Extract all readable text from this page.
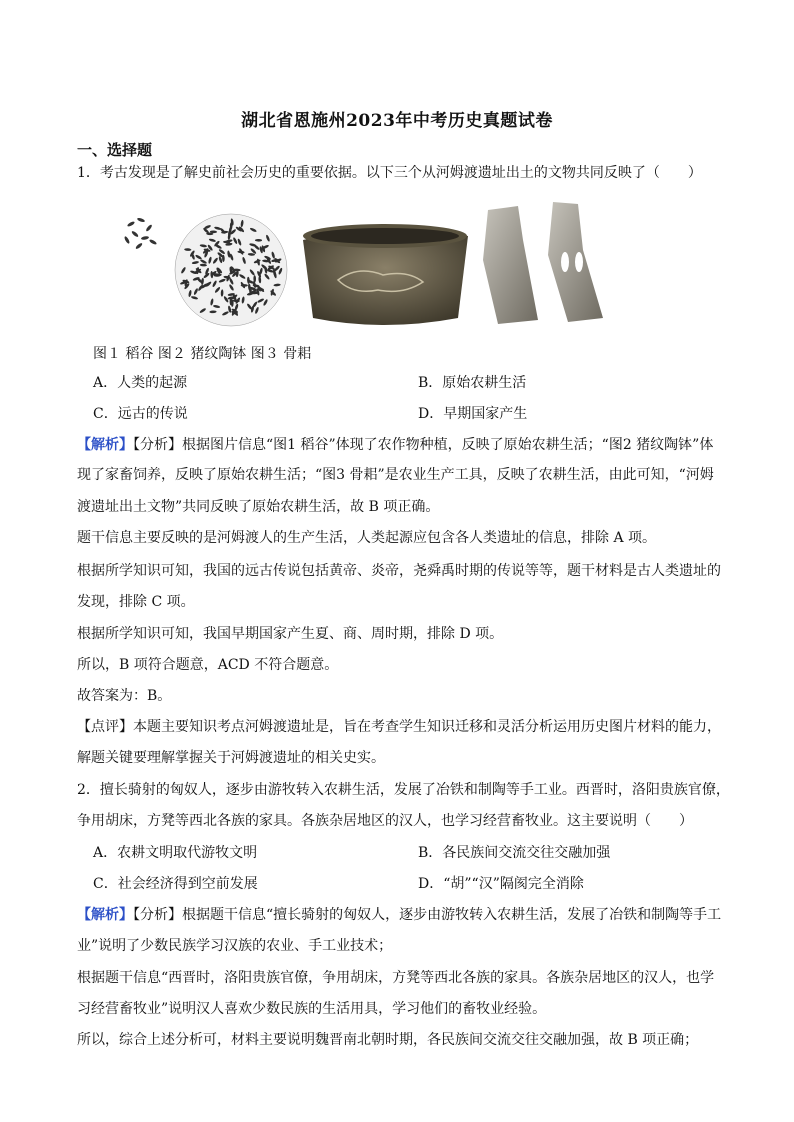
湖北省恩施州2023年中考历史真题试卷
一、选择题
1．考古发现是了解史前社会历史的重要依据。以下三个从河姆渡遗址出土的文物共同反映了（　　）
图１ 稻谷 图２ 猪纹陶钵 图３ 骨耜
A．人类的起源	B．原始农耕生活
C．远古的传说	D．早期国家产生
【解析】【分析】根据图片信息“图1 稻谷”体现了农作物种植，反映了原始农耕生活；“图2 猪纹陶钵”体
现了家畜饲养，反映了原始农耕生活；“图3 骨耜”是农业生产工具，反映了农耕生活，由此可知，“河姆
渡遗址出土文物”共同反映了原始农耕生活，故 B 项正确。
题干信息主要反映的是河姆渡人的生产生活，人类起源应包含各人类遗址的信息，排除 A 项。
根据所学知识可知，我国的远古传说包括黄帝、炎帝，尧舜禹时期的传说等等，题干材料是古人类遗址的
发现，排除 C 项。
根据所学知识可知，我国早期国家产生夏、商、周时期，排除 D 项。
所以，B 项符合题意，ACD 不符合题意。
故答案为：B。
【点评】本题主要知识考点河姆渡遗址是，旨在考查学生知识迁移和灵活分析运用历史图片材料的能力，
解题关键要理解掌握关于河姆渡遗址的相关史实。
2．擅长骑射的匈奴人，逐步由游牧转入农耕生活，发展了冶铁和制陶等手工业。西晋时，洛阳贵族官僚，
争用胡床，方凳等西北各族的家具。各族杂居地区的汉人，也学习经营畜牧业。这主要说明（　　）
A．农耕文明取代游牧文明	B．各民族间交流交往交融加强
C．社会经济得到空前发展	D．“胡”“汉”隔阂完全消除
【解析】【分析】根据题干信息“擅长骑射的匈奴人，逐步由游牧转入农耕生活，发展了冶铁和制陶等手工
业”说明了少数民族学习汉族的农业、手工业技术；
根据题干信息“西晋时，洛阳贵族官僚，争用胡床，方凳等西北各族的家具。各族杂居地区的汉人，也学
习经营畜牧业”说明汉人喜欢少数民族的生活用具，学习他们的畜牧业经验。
所以，综合上述分析可，材料主要说明魏晋南北朝时期，各民族间交流交往交融加强，故 B 项正确；
